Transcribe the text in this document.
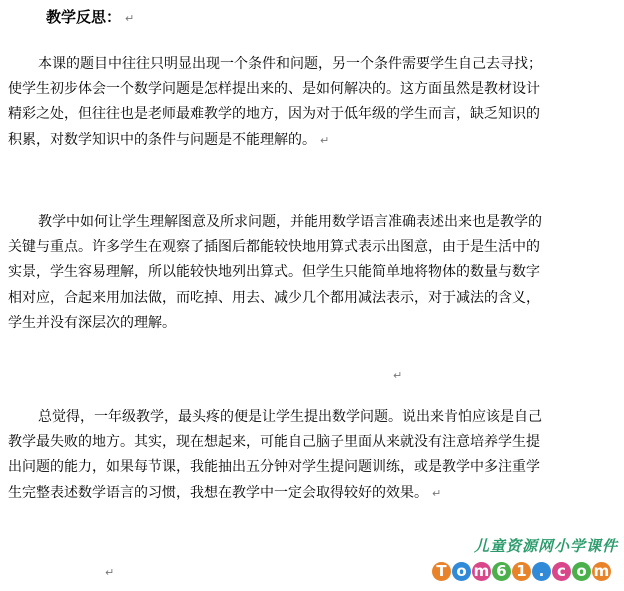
教学反思： ↵
本课的题目中往往只明显出现一个条件和问题，另一个条件需要学生自己去寻找；
使学生初步体会一个数学问题是怎样提出来的、是如何解决的。这方面虽然是教材设计
精彩之处，但往往也是老师最难教学的地方，因为对于低年级的学生而言，缺乏知识的
积累，对数学知识中的条件与问题是不能理解的。 ↵
教学中如何让学生理解图意及所求问题，并能用数学语言准确表述出来也是教学的
关键与重点。许多学生在观察了插图后都能较快地用算式表示出图意，由于是生活中的
实景，学生容易理解，所以能较快地列出算式。但学生只能简单地将物体的数量与数字
相对应，合起来用加法做，而吃掉、用去、减少几个都用减法表示，对于减法的含义，
学生并没有深层次的理解。
↵
总觉得，一年级教学，最头疼的便是让学生提出数学问题。说出来肯怕应该是自己
教学最失败的地方。其实，现在想起来，可能自己脑子里面从来就没有注意培养学生提
出问题的能力，如果每节课，我能抽出五分钟对学生提问题训练，或是教学中多注重学
生完整表述数学语言的习惯，我想在教学中一定会取得较好的效果。 ↵
↵
儿童资源网小学课件
T o m 6 1 . c o m
